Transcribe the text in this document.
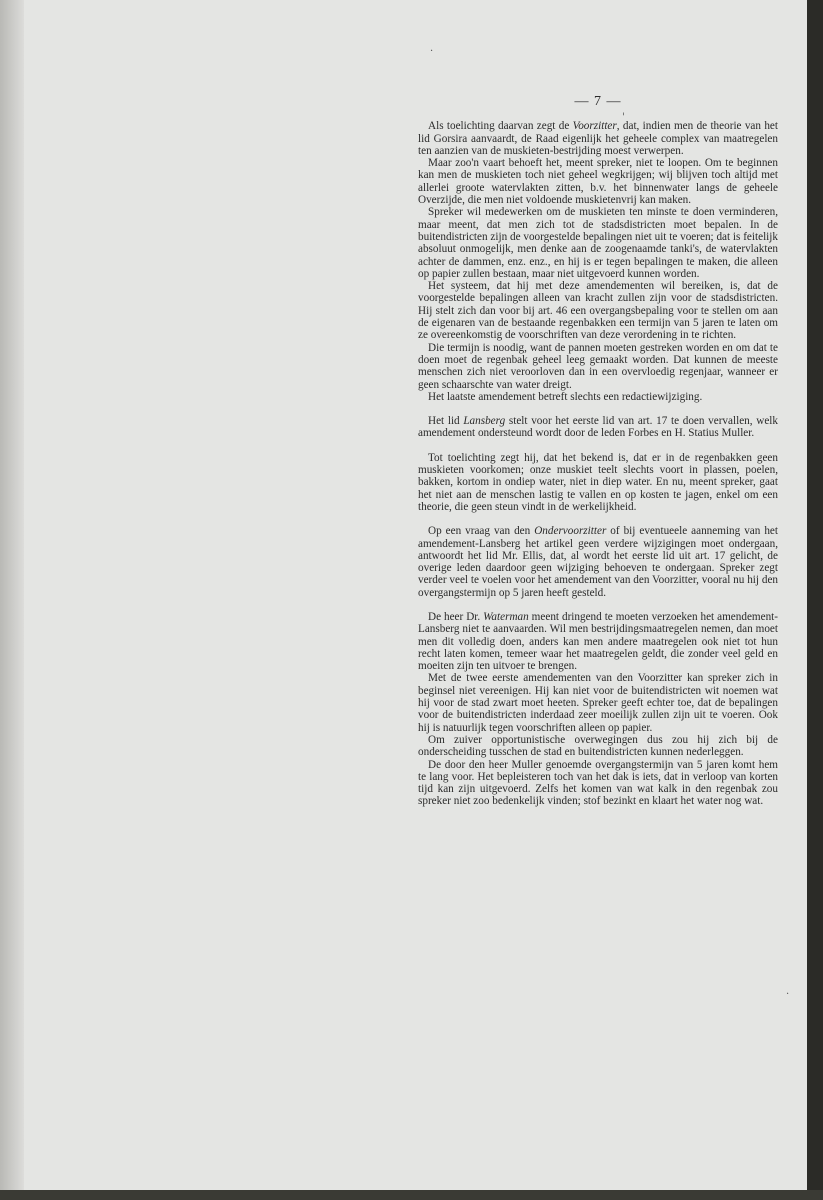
·
'
.
— 7 —

Als toelichting daarvan zegt de Voorzitter, dat, indien men de theorie van het lid Gorsira aanvaardt, de Raad eigenlijk het geheele complex van maatregelen ten aanzien van de muskieten-bestrijding moest verwerpen.

Maar zoo'n vaart behoeft het, meent spreker, niet te loopen. Om te beginnen kan men de muskieten toch niet geheel wegkrijgen; wij blijven toch altijd met allerlei groote watervlakten zitten, b.v. het binnenwater langs de geheele Overzijde, die men niet voldoende muskietenvrij kan maken.

Spreker wil medewerken om de muskieten ten minste te doen verminderen, maar meent, dat men zich tot de stadsdistricten moet bepalen. In de buitendistricten zijn de voorgestelde bepalingen niet uit te voeren; dat is feitelijk absoluut onmogelijk, men denke aan de zoogenaamde tanki's, de watervlakten achter de dammen, enz. enz., en hij is er tegen bepalingen te maken, die alleen op papier zullen bestaan, maar niet uitgevoerd kunnen worden.

Het systeem, dat hij met deze amendementen wil bereiken, is, dat de voorgestelde bepalingen alleen van kracht zullen zijn voor de stadsdistricten. Hij stelt zich dan voor bij art. 46 een overgangsbepaling voor te stellen om aan de eigenaren van de bestaande regenbakken een termijn van 5 jaren te laten om ze overeenkomstig de voorschriften van deze verordening in te richten.

Die termijn is noodig, want de pannen moeten gestreken worden en om dat te doen moet de regenbak geheel leeg gemaakt worden. Dat kunnen de meeste menschen zich niet veroorloven dan in een overvloedig regenjaar, wanneer er geen schaarschte van water dreigt.

Het laatste amendement betreft slechts een redactiewijziging.

Het lid Lansberg stelt voor het eerste lid van art. 17 te doen vervallen, welk amendement ondersteund wordt door de leden Forbes en H. Statius Muller.

Tot toelichting zegt hij, dat het bekend is, dat er in de regenbakken geen muskieten voorkomen; onze muskiet teelt slechts voort in plassen, poelen, bakken, kortom in ondiep water, niet in diep water. En nu, meent spreker, gaat het niet aan de menschen lastig te vallen en op kosten te jagen, enkel om een theorie, die geen steun vindt in de werkelijkheid.

Op een vraag van den Ondervoorzitter of bij eventueele aanneming van het amendement-Lansberg het artikel geen verdere wijzigingen moet ondergaan, antwoordt het lid Mr. Ellis, dat, al wordt het eerste lid uit art. 17 gelicht, de overige leden daardoor geen wijziging behoeven te ondergaan. Spreker zegt verder veel te voelen voor het amendement van den Voorzitter, vooral nu hij den overgangstermijn op 5 jaren heeft gesteld.

De heer Dr. Waterman meent dringend te moeten verzoeken het amendement-Lansberg niet te aanvaarden. Wil men bestrijdingsmaatregelen nemen, dan moet men dit volledig doen, anders kan men andere maatregelen ook niet tot hun recht laten komen, temeer waar het maatregelen geldt, die zonder veel geld en moeiten zijn ten uitvoer te brengen.

Met de twee eerste amendementen van den Voorzitter kan spreker zich in beginsel niet vereenigen. Hij kan niet voor de buitendistricten wit noemen wat hij voor de stad zwart moet heeten. Spreker geeft echter toe, dat de bepalingen voor de buitendistricten inderdaad zeer moeilijk zullen zijn uit te voeren. Ook hij is natuurlijk tegen voorschriften alleen op papier.

Om zuiver opportunistische overwegingen dus zou hij zich bij de onderscheiding tusschen de stad en buitendistricten kunnen nederleggen.

De door den heer Muller genoemde overgangstermijn van 5 jaren komt hem te lang voor. Het bepleisteren toch van het dak is iets, dat in verloop van korten tijd kan zijn uitgevoerd. Zelfs het komen van wat kalk in den regenbak zou spreker niet zoo bedenkelijk vinden; stof bezinkt en klaart het water nog wat.
